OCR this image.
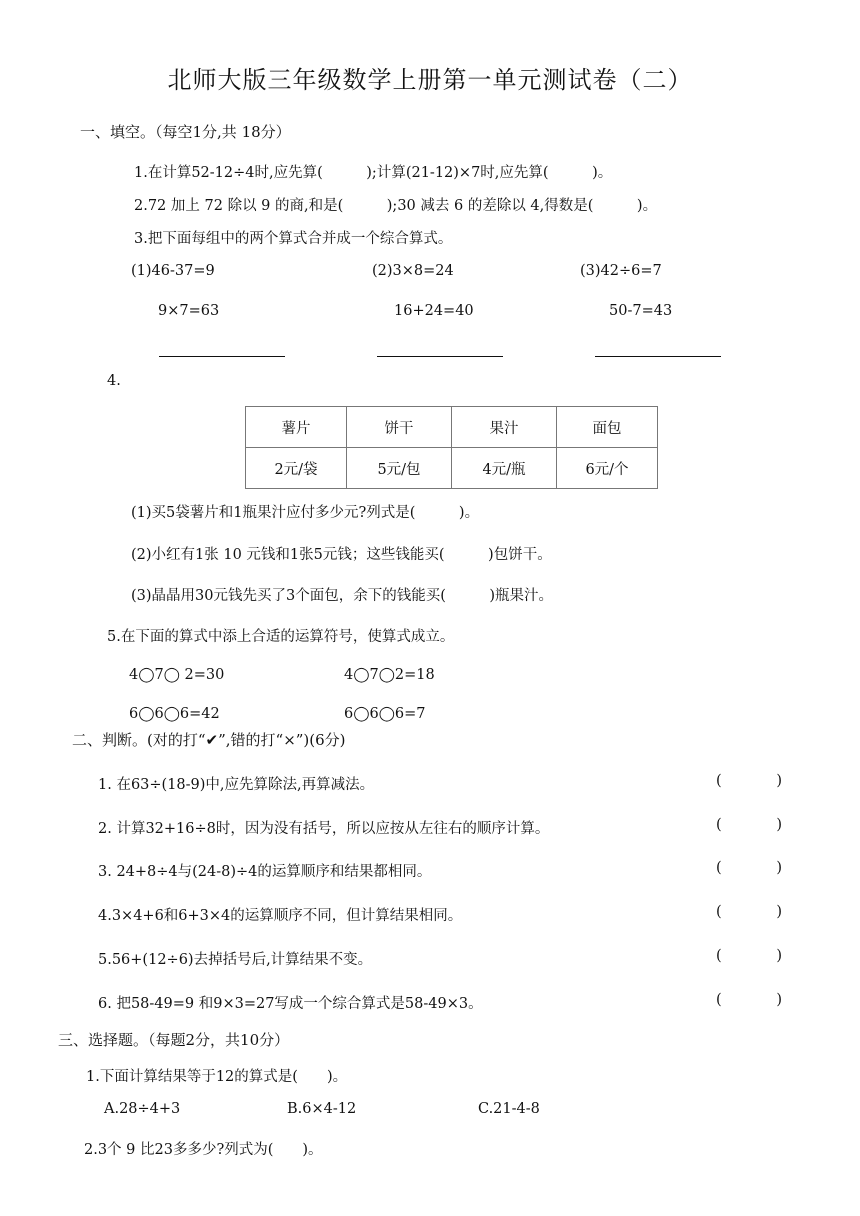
北师大版三年级数学上册第一单元测试卷（二）
一、填空。（每空1分,共 18分）
1.在计算52-12÷4时,应先算(　　　);计算(21-12)×7时,应先算(　　　)。
2.72 加上 72 除以 9 的商,和是(　　　);30 减去 6 的差除以 4,得数是(　　　)。
3.把下面每组中的两个算式合并成一个综合算式。
(1)46-37=9	(2)3×8=24	(3)42÷6=7
9×7=63	16+24=40	50-7=43
4.
薯片	饼干	果汁	面包
2元/袋	5元/包	4元/瓶	6元/个
(1)买5袋薯片和1瓶果汁应付多少元?列式是(　　　)。
(2)小红有1张 10 元钱和1张5元钱；这些钱能买(　　　)包饼干。
(3)晶晶用30元钱先买了3个面包，余下的钱能买(　　　)瓶果汁。
5.在下面的算式中添上合适的运算符号，使算式成立。
4◯7◯ 2=30	4◯7◯2=18
6◯6◯6=42	6◯6◯6=7
二、判断。(对的打“✔”,错的打“×”)(6分)
1. 在63÷(18-9)中,应先算除法,再算减法。	(	)
2. 计算32+16÷8时，因为没有括号，所以应按从左往右的顺序计算。	(	)
3. 24+8÷4与(24-8)÷4的运算顺序和结果都相同。	(	)
4.3×4+6和6+3×4的运算顺序不同，但计算结果相同。	(	)
5.56+(12÷6)去掉括号后,计算结果不变。	(	)
6. 把58-49=9 和9×3=27写成一个综合算式是58-49×3。	(	)
三、选择题。（每题2分，共10分）
1.下面计算结果等于12的算式是(　　)。
A.28÷4+3	B.6×4-12	C.21-4-8
2.3个 9 比23多多少?列式为(　　)。
